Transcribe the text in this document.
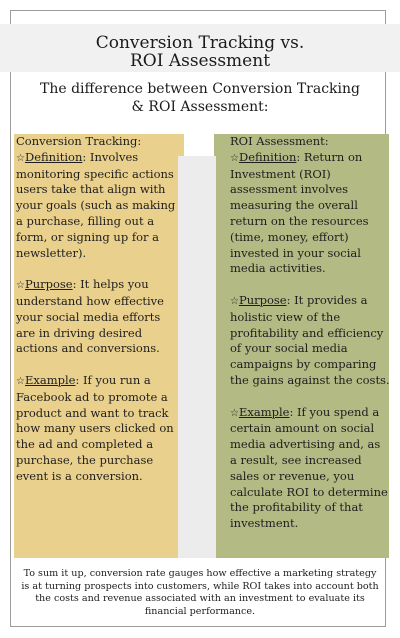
Conversion Tracking vs.
ROI Assessment
The difference between Conversion Tracking
& ROI Assessment:

Conversion Tracking:

☆Definition: Involves monitoring specific actions users take that align with your goals (such as making a purchase, filling out a form, or signing up for a newsletter).

☆Purpose: It helps you understand how effective your social media efforts are in driving desired actions and conversions.

☆Example: If you run a Facebook ad to promote a product and want to track how many users clicked on the ad and completed a purchase, the purchase event is a conversion.

ROI Assessment:

☆Definition: Return on Investment (ROI) assessment involves measuring the overall return on the resources (time, money, effort) invested in your social media activities.

☆Purpose: It provides a holistic view of the profitability and efficiency of your social media campaigns by comparing the gains against the costs.

☆Example: If you spend a certain amount on social media advertising and, as a result, see increased sales or revenue, you calculate ROI to determine the profitability of that investment.

To sum it up, conversion rate gauges how effective a marketing strategy is at turning prospects into customers, while ROI takes into account both the costs and revenue associated with an investment to evaluate its financial performance.
